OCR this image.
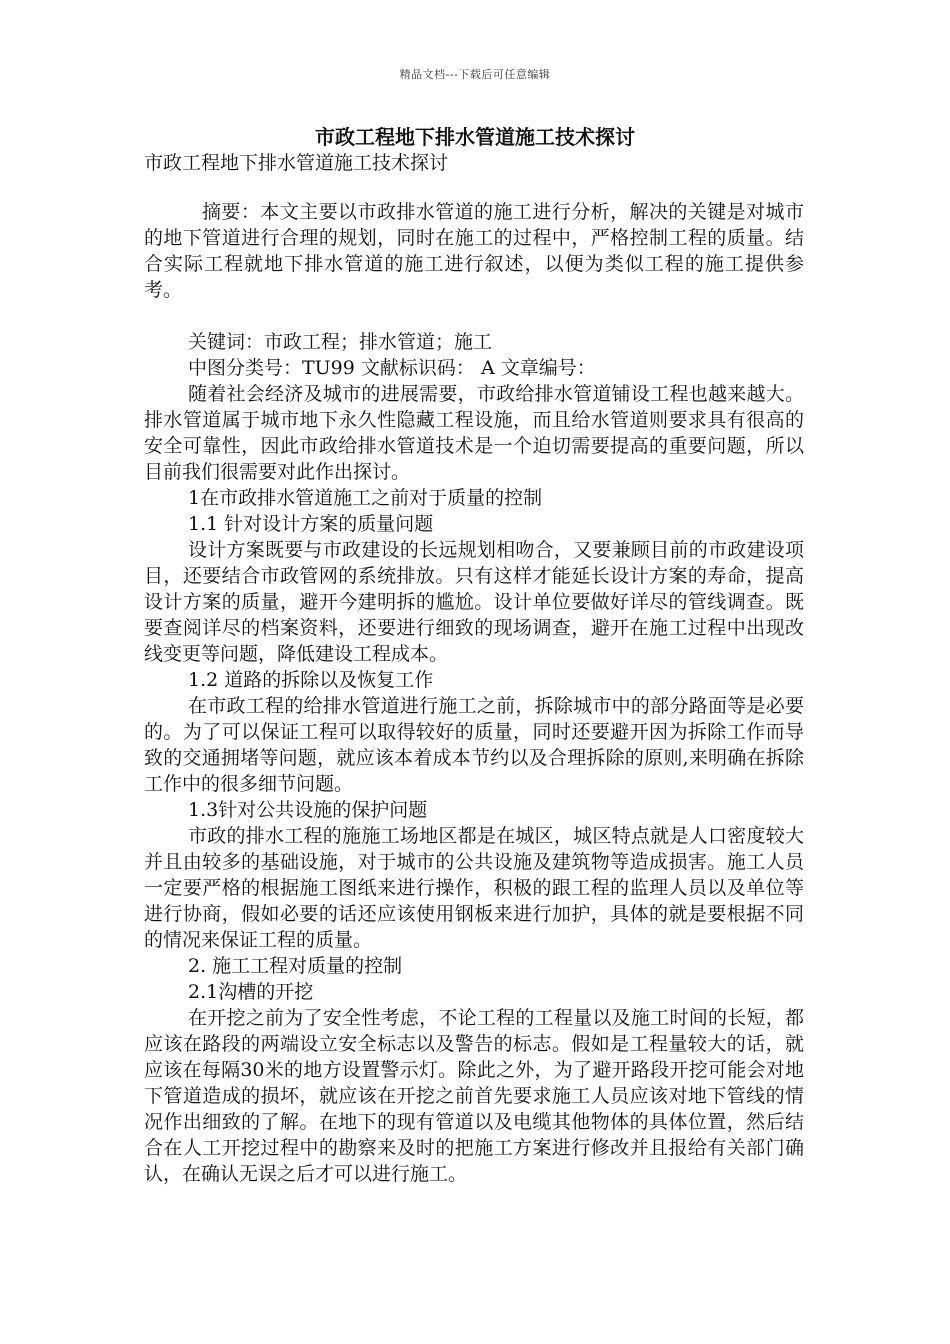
精品文档---下载后可任意编辑
市政工程地下排水管道施工技术探讨

市政工程地下排水管道施工技术探讨

摘要：本文主要以市政排水管道的施工进行分析，解决的关键是对城市的地下管道进行合理的规划，同时在施工的过程中，严格控制工程的质量。结合实际工程就地下排水管道的施工进行叙述，以便为类似工程的施工提供参考。

关键词：市政工程；排水管道；施工

中图分类号：TU99 文献标识码： A 文章编号：

随着社会经济及城市的进展需要，市政给排水管道铺设工程也越来越大。排水管道属于城市地下永久性隐藏工程设施，而且给水管道则要求具有很高的安全可靠性，因此市政给排水管道技术是一个迫切需要提高的重要问题，所以目前我们很需要对此作出探讨。

1在市政排水管道施工之前对于质量的控制

1.1 针对设计方案的质量问题

设计方案既要与市政建设的长远规划相吻合，又要兼顾目前的市政建设项目，还要结合市政管网的系统排放。只有这样才能延长设计方案的寿命，提高设计方案的质量，避开今建明拆的尴尬。设计单位要做好详尽的管线调查。既要查阅详尽的档案资料，还要进行细致的现场调查，避开在施工过程中出现改线变更等问题，降低建设工程成本。

1.2 道路的拆除以及恢复工作

在市政工程的给排水管道进行施工之前，拆除城市中的部分路面等是必要的。为了可以保证工程可以取得较好的质量，同时还要避开因为拆除工作而导致的交通拥堵等问题，就应该本着成本节约以及合理拆除的原则,来明确在拆除工作中的很多细节问题。

1.3针对公共设施的保护问题

市政的排水工程的施施工场地区都是在城区，城区特点就是人口密度较大并且由较多的基础设施，对于城市的公共设施及建筑物等造成损害。施工人员一定要严格的根据施工图纸来进行操作，积极的跟工程的监理人员以及单位等进行协商，假如必要的话还应该使用钢板来进行加护，具体的就是要根据不同的情况来保证工程的质量。

2. 施工工程对质量的控制

2.1沟槽的开挖

在开挖之前为了安全性考虑，不论工程的工程量以及施工时间的长短，都应该在路段的两端设立安全标志以及警告的标志。假如是工程量较大的话，就应该在每隔30米的地方设置警示灯。除此之外，为了避开路段开挖可能会对地下管道造成的损坏，就应该在开挖之前首先要求施工人员应该对地下管线的情况作出细致的了解。在地下的现有管道以及电缆其他物体的具体位置，然后结合在人工开挖过程中的勘察来及时的把施工方案进行修改并且报给有关部门确认，在确认无误之后才可以进行施工。
